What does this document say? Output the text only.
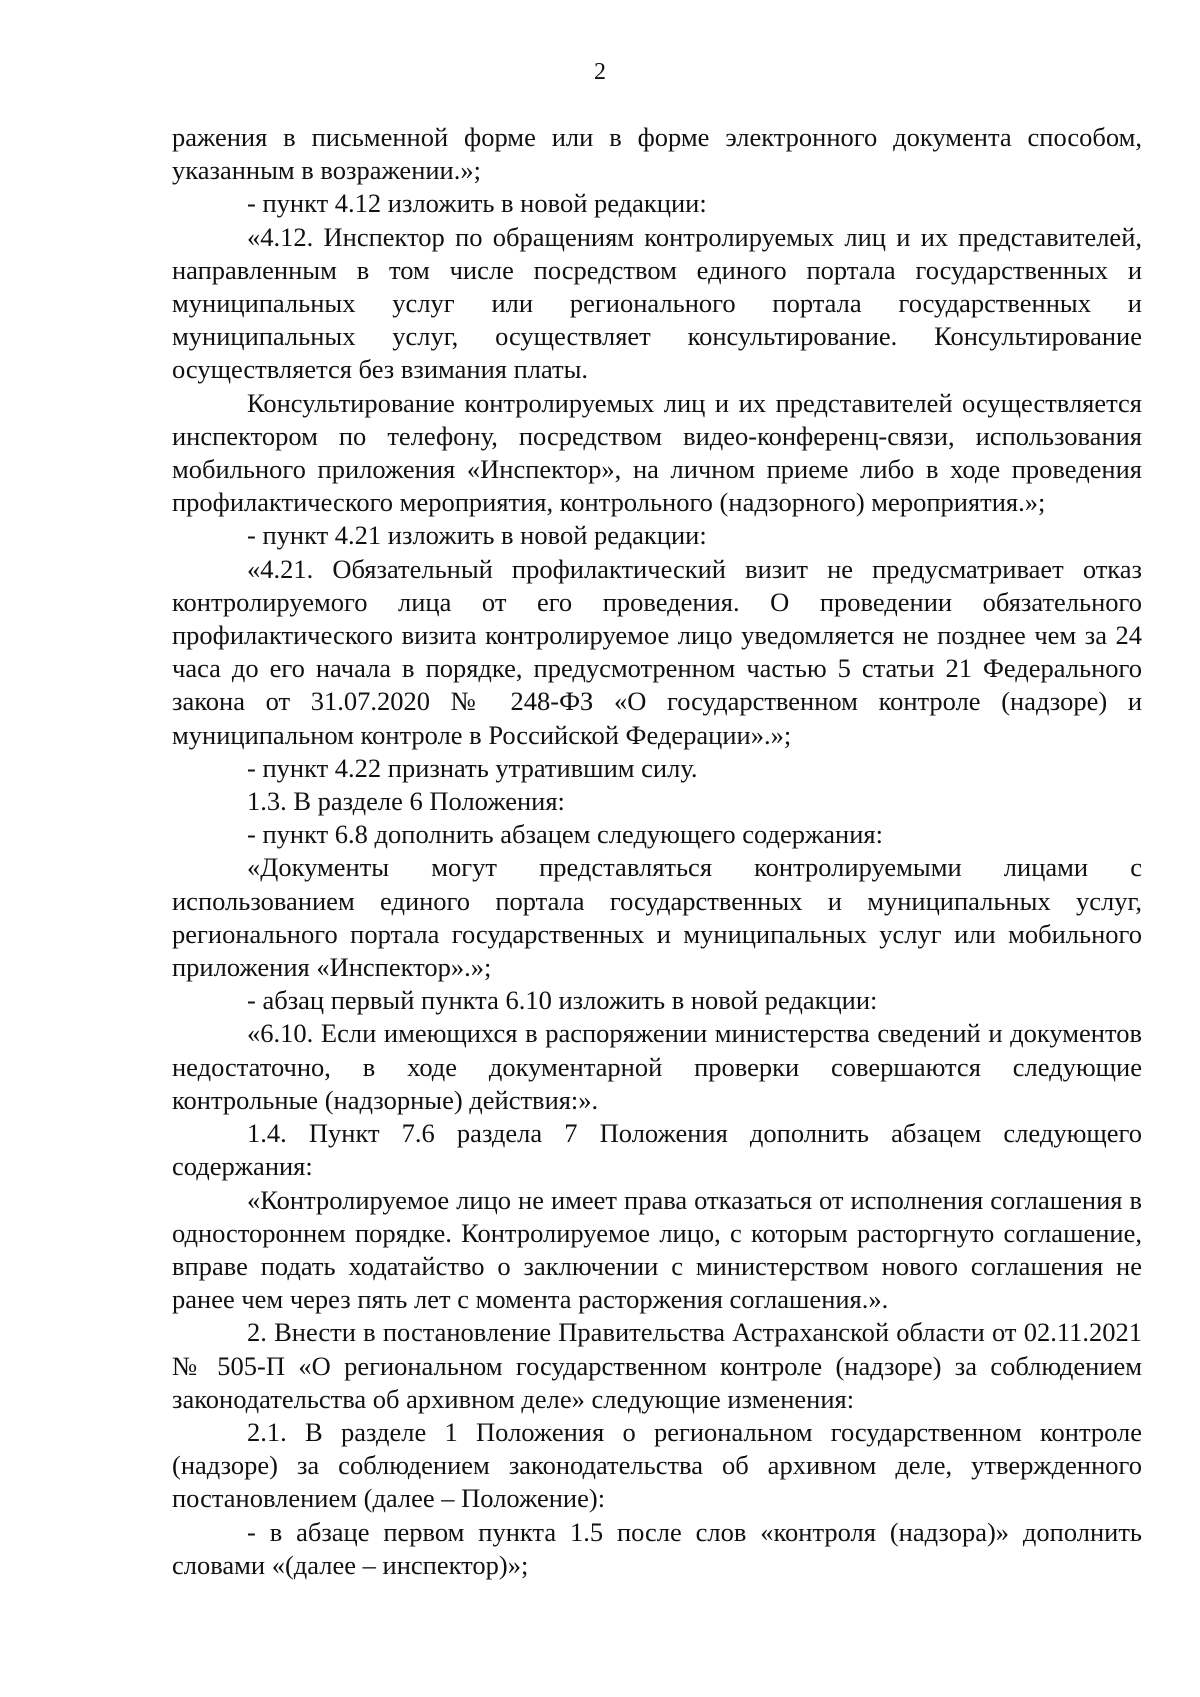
2

ражения в письменной форме или в форме электронного документа способом, указанным в возражении.»;

- пункт 4.12 изложить в новой редакции:

«4.12. Инспектор по обращениям контролируемых лиц и их представителей, направленным в том числе посредством единого портала государственных и муниципальных услуг или регионального портала государственных и муниципальных услуг, осуществляет консультирование. Консультирование осуществляется без взимания платы.

Консультирование контролируемых лиц и их представителей осуществляется инспектором по телефону, посредством видео-конференц-связи, использования мобильного приложения «Инспектор», на личном приеме либо в ходе проведения профилактического мероприятия, контрольного (надзорного) мероприятия.»;

- пункт 4.21 изложить в новой редакции:

«4.21. Обязательный профилактический визит не предусматривает отказ контролируемого лица от его проведения. О проведении обязательного профилактического визита контролируемое лицо уведомляется не позднее чем за 24 часа до его начала в порядке, предусмотренном частью 5 статьи 21 Федерального закона от 31.07.2020 № 248-ФЗ «О государственном контроле (надзоре) и муниципальном контроле в Российской Федерации».»;

- пункт 4.22 признать утратившим силу.

1.3. В разделе 6 Положения:

- пункт 6.8 дополнить абзацем следующего содержания:

«Документы могут представляться контролируемыми лицами с использованием единого портала государственных и муниципальных услуг, регионального портала государственных и муниципальных услуг или мобильного приложения «Инспектор».»;

- абзац первый пункта 6.10 изложить в новой редакции:

«6.10. Если имеющихся в распоряжении министерства сведений и документов недостаточно, в ходе документарной проверки совершаются следующие контрольные (надзорные) действия:».

1.4. Пункт 7.6 раздела 7 Положения дополнить абзацем следующего содержания:

«Контролируемое лицо не имеет права отказаться от исполнения соглашения в одностороннем порядке. Контролируемое лицо, с которым расторгнуто соглашение, вправе подать ходатайство о заключении с министерством нового соглашения не ранее чем через пять лет с момента расторжения соглашения.».

2. Внести в постановление Правительства Астраханской области от 02.11.2021 № 505-П «О региональном государственном контроле (надзоре) за соблюдением законодательства об архивном деле» следующие изменения:

2.1. В разделе 1 Положения о региональном государственном контроле (надзоре) за соблюдением законодательства об архивном деле, утвержденного постановлением (далее – Положение):

- в абзаце первом пункта 1.5 после слов «контроля (надзора)» дополнить словами «(далее – инспектор)»;
